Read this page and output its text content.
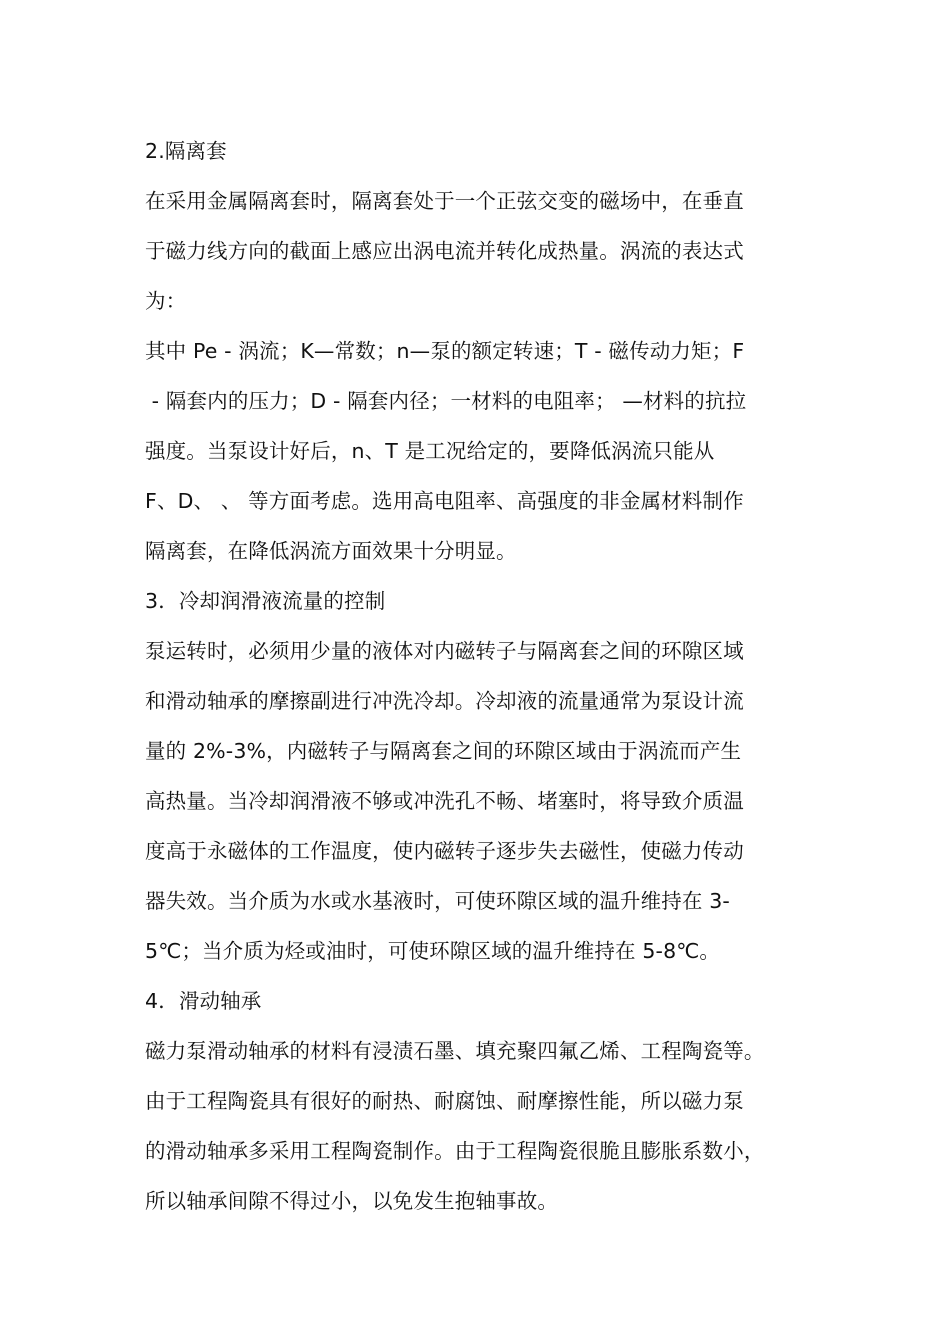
2.隔离套
在采用金属隔离套时，隔离套处于一个正弦交变的磁场中，在垂直
于磁力线方向的截面上感应出涡电流并转化成热量。涡流的表达式
为：
其中 Pe - 涡流；K—常数；n—泵的额定转速；T - 磁传动力矩；F
- 隔套内的压力；D - 隔套内径；一材料的电阻率； —材料的抗拉
强度。当泵设计好后，n、T 是工况给定的，要降低涡流只能从
F、D、 、 等方面考虑。选用高电阻率、高强度的非金属材料制作
隔离套，在降低涡流方面效果十分明显。
3．冷却润滑液流量的控制
泵运转时，必须用少量的液体对内磁转子与隔离套之间的环隙区域
和滑动轴承的摩擦副进行冲洗冷却。冷却液的流量通常为泵设计流
量的 2%-3%，内磁转子与隔离套之间的环隙区域由于涡流而产生
高热量。当冷却润滑液不够或冲洗孔不畅、堵塞时，将导致介质温
度高于永磁体的工作温度，使内磁转子逐步失去磁性，使磁力传动
器失效。当介质为水或水基液时，可使环隙区域的温升维持在 3-
5℃；当介质为烃或油时，可使环隙区域的温升维持在 5-8℃。
4．滑动轴承
磁力泵滑动轴承的材料有浸渍石墨、填充聚四氟乙烯、工程陶瓷等。
由于工程陶瓷具有很好的耐热、耐腐蚀、耐摩擦性能，所以磁力泵
的滑动轴承多采用工程陶瓷制作。由于工程陶瓷很脆且膨胀系数小，
所以轴承间隙不得过小，以免发生抱轴事故。
